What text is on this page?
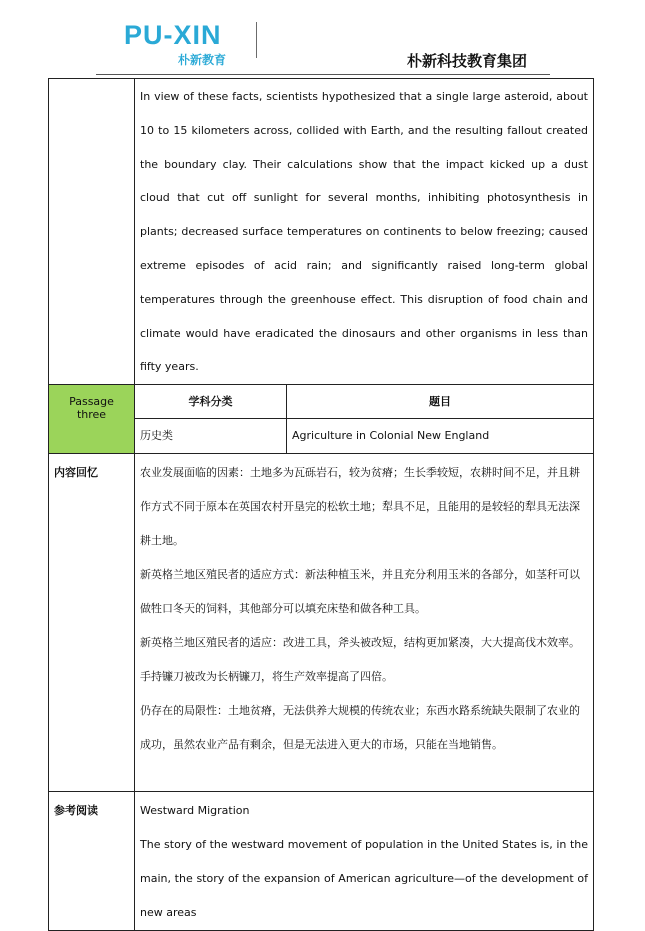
PU-XIN
朴新教育	朴新科技教育集团

	In view of these facts, scientists hypothesized that a single large asteroid, about 10 to 15 kilometers across, collided with Earth, and the resulting fallout created the boundary clay. Their calculations show that the impact kicked up a dust cloud that cut off sunlight for several months, inhibiting photosynthesis in plants; decreased surface temperatures on continents to below freezing; caused extreme episodes of acid rain; and significantly raised long-term global temperatures through the greenhouse effect. This disruption of food chain and climate would have eradicated the dinosaurs and other organisms in less than fifty years.	

Passage three	学科分类	题目
	历史类	Agriculture in Colonial New England
内容回忆	农业发展面临的因素：土地多为瓦砾岩石，较为贫瘠；生长季较短，农耕时间不足，并且耕作方式不同于原本在英国农村开垦完的松软土地；犁具不足，且能用的是较轻的犁具无法深耕土地。

新英格兰地区殖民者的适应方式：新法种植玉米，并且充分利用玉米的各部分，如茎秆可以做牲口冬天的饲料，其他部分可以填充床垫和做各种工具。

新英格兰地区殖民者的适应：改进工具，斧头被改短，结构更加紧凑，大大提高伐木效率。手持镰刀被改为长柄镰刀，将生产效率提高了四倍。

仍存在的局限性：土地贫瘠，无法供养大规模的传统农业；东西水路系统缺失限制了农业的成功，虽然农业产品有剩余，但是无法进入更大的市场，只能在当地销售。	

参考阅读	Westward Migration

The story of the westward movement of population in the United States is, in the main, the story of the expansion of American agriculture—of the development of new areas	
